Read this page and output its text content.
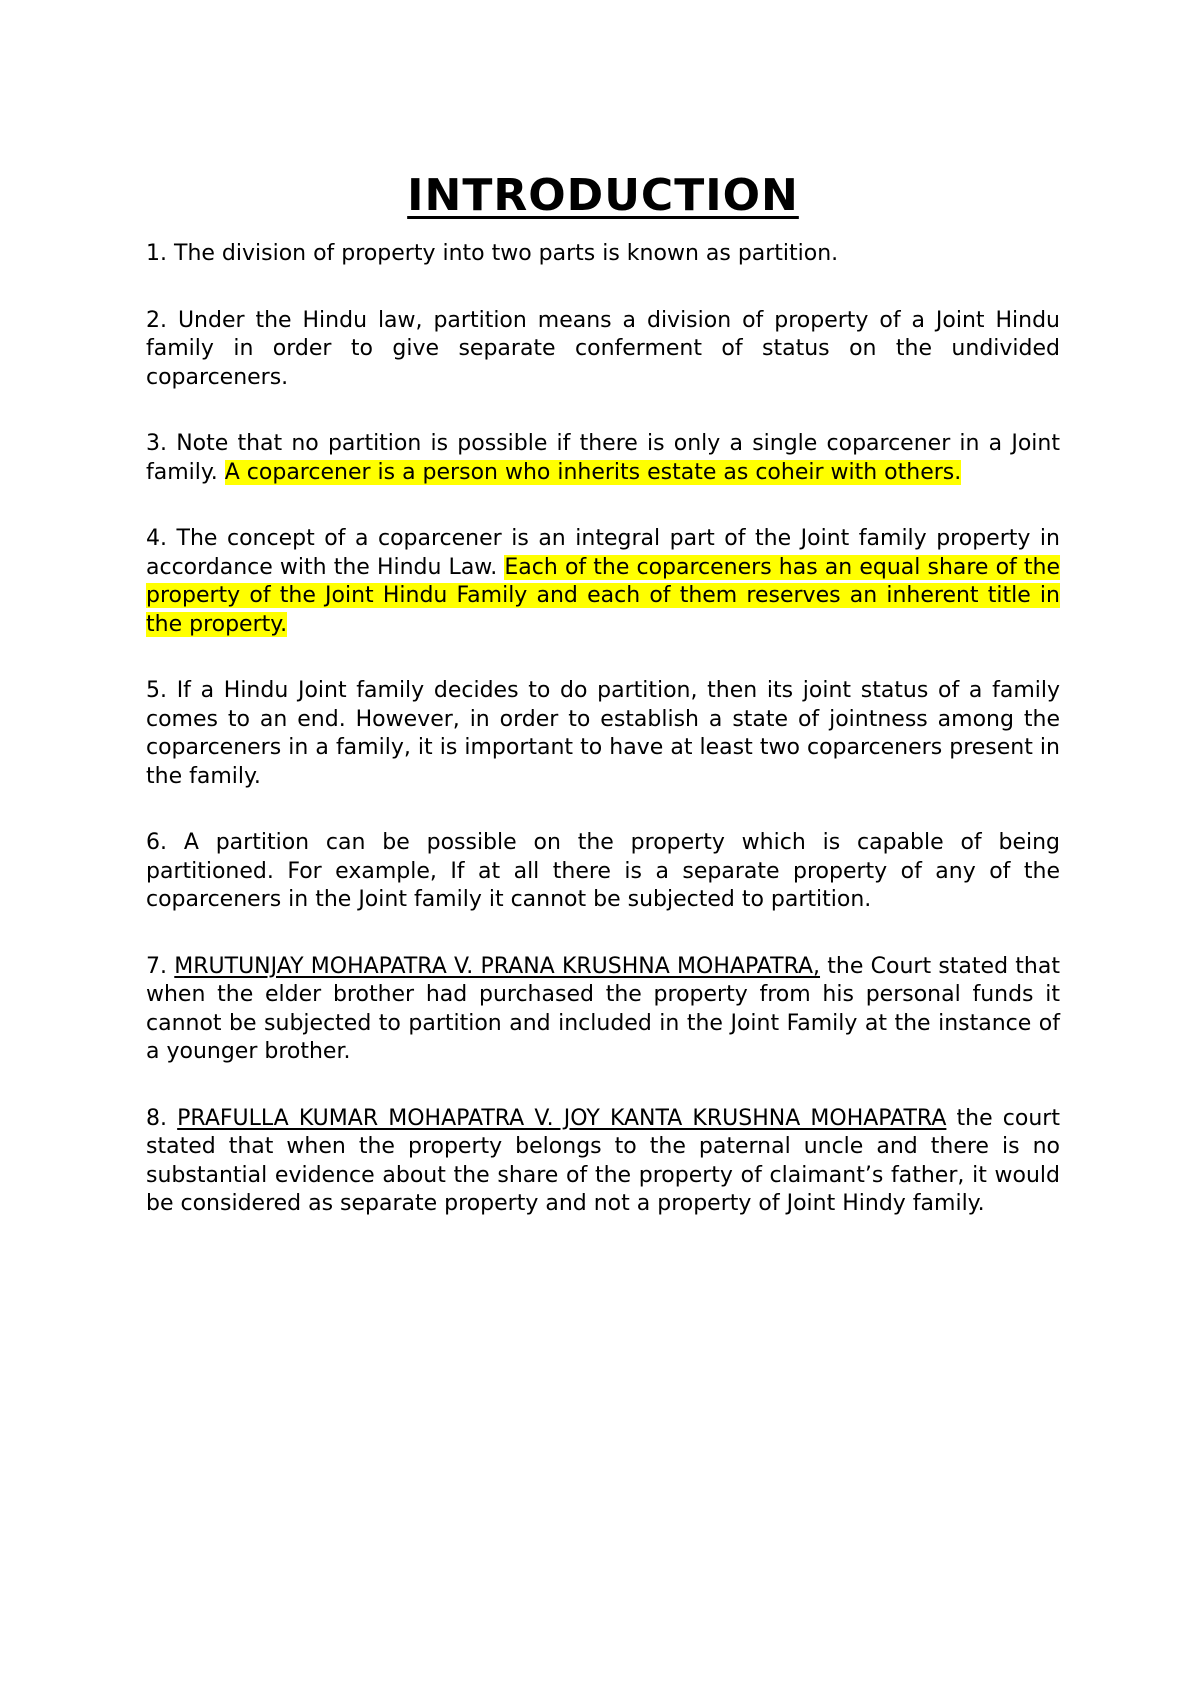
INTRODUCTION

1. The division of property into two parts is known as partition.

2. Under the Hindu law, partition means a division of property of a Joint Hindu family in order to give separate conferment of status on the undivided coparceners.

3. Note that no partition is possible if there is only a single coparcener in a Joint family. A coparcener is a person who inherits estate as coheir with others.

4. The concept of a coparcener is an integral part of the Joint family property in accordance with the Hindu Law. Each of the coparceners has an equal share of the property of the Joint Hindu Family and each of them reserves an inherent title in the property.

5. If a Hindu Joint family decides to do partition, then its joint status of a family comes to an end. However, in order to establish a state of jointness among the coparceners in a family, it is important to have at least two coparceners present in the family.

6. A partition can be possible on the property which is capable of being partitioned. For example, If at all there is a separate property of any of the coparceners in the Joint family it cannot be subjected to partition.

7. MRUTUNJAY MOHAPATRA V. PRANA KRUSHNA MOHAPATRA, the Court stated that when the elder brother had purchased the property from his personal funds it cannot be subjected to partition and included in the Joint Family at the instance of a younger brother.

8. PRAFULLA KUMAR MOHAPATRA V. JOY KANTA KRUSHNA MOHAPATRA the court stated that when the property belongs to the paternal uncle and there is no substantial evidence about the share of the property of claimant’s father, it would be considered as separate property and not a property of Joint Hindy family.
